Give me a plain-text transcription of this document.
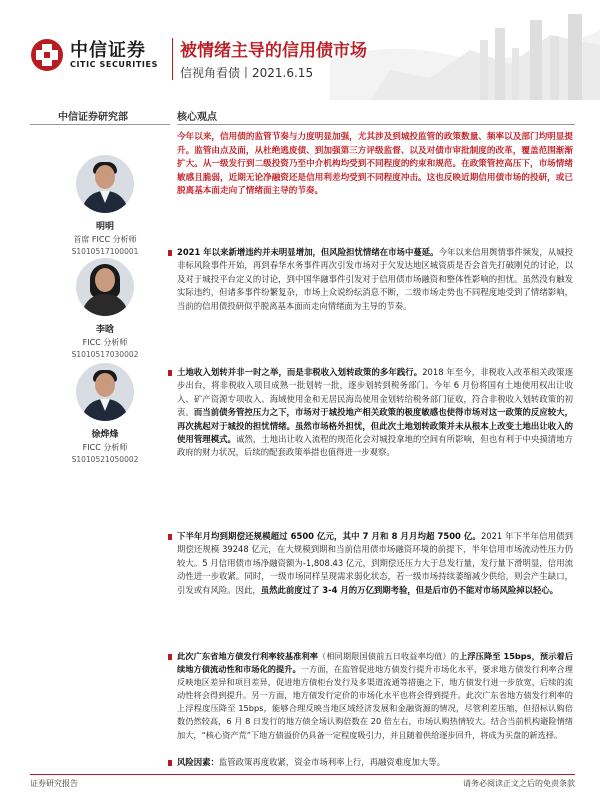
中信证券
CITIC SECURITIES
被情绪主导的信用债市场
信视角看债丨2021.6.15
中信证券研究部	核心观点
明明
首席 FICC 分析师
S1010517100001
李晗
FICC 分析师
S1010517030002
徐烨烽
FICC 分析师
S1010521050002
今年以来，信用债的监管节奏与力度明显加强，尤其涉及到城投监管的政策数量、频率以及部门均明显提升。监管由点及面，从杜绝逃废债、到加强第三方评级监督、以及对债市审批制度的改革，覆盖范围渐渐扩大。从一级发行到二级投资乃至中介机构均受到不同程度的约束和规范。在政策管控高压下，市场情绪敏感且脆弱，近期无论净融资还是信用利差均受到不同程度冲击。这也反映近期信用债市场的投研，或已脱离基本面走向了情绪面主导的节奏。
2021 年以来新增违约并未明显增加，但风险担忧情绪在市场中蔓延。今年以来信用舆情事件频发，从城投非标风险事件开始，再到春华水务事件再次引发市场对于欠发达地区城资质是否会首先打破刚兑的讨论，以及对于城投平台定义的讨论，到中国华融事件引发对于信用债市场融资和整体性影响的担忧。虽然没有触发实际违约，但诸多事件纷繁复杂，市场上众说纷纭消息不断，二级市场走势也不同程度地受到了情绪影响，当前的信用债投研似乎脱离基本面而走向情绪面为主导的节奏。
土地收入划转并非一时之举，而是非税收入划转政策的多年践行。2018 年至今，非税收入改革相关政策逐步出台，将非税收入项目成熟一批划转一批，逐步划转到税务部门。今年 6 月份将国有土地使用权出让收入、矿产资源专项收入、海域使用金和无居民海岛使用金划转给税务部门征收，符合非税收入划转政策的初衷。而当前债务管控压力之下，市场对于城投地产相关政策的极度敏感也使得市场对这一政策的反应较大，再次挑起对于城投的担忧情绪。虽然市场格外担忧，但此次土地划转政策并未从根本上改变土地出让收入的使用管理模式。诚然，土地出让收入流程的规范化会对城投拿地的空间有所影响，但也有利于中央摸清地方政府的财力状况，后续的配套政策举措也值得进一步观察。
下半年月均到期偿还规模超过 6500 亿元，其中 7 月和 8 月月均超 7500 亿。2021 年下半年信用债到期偿还规模 39248 亿元，在大规模到期和当前信用债市场融资环境的前提下，半年信用市场流动性压力仍较大。5 月信用债市场净融资额为-1,808.43 亿元，到期偿还压力大于总发行量，发行量下滑明显，信用流动性进一步收紧。同时，一级市场同样呈现需求弱化状态，若一级市场持续萎缩减少供给，则会产生缺口，引发或有风险。因此，虽然此前度过了 3-4 月的万亿到期考验，但是后市仍不能对市场风险掉以轻心。
此次广东省地方债发行利率较基准利率（相同期限国债前五日收益率均值）的上浮压降至 15bps，预示着后续地方债流动性和市场化的提升。一方面，在监管促进地方债发行提升市场化水平，要求地方债发行利率合理反映地区差异和项目差异，促进地方债柜台发行及多渠道流通等措施之下，地方债发行进一步放宽，后续的流动性将会得到提升。另一方面，地方债发行定价的市场化水平也将会得到提升。此次广东省地方债发行利率的上浮程度压降至 15bps，能够合理反映当地区域经济发展和金融资源的情况，尽管利差压缩，但招标认购倍数仍然较高，6 月 8 日发行的地方债全场认购倍数在 20 倍左右，市场认购热情较大。结合当前机构避险情绪加大，“核心资产荒”下地方债溢价仍具备一定程度吸引力，并且随着供给逐步回升，将成为买盘的新选择。
风险因素：监管政策再度收紧，资金市场利率上行，再融资难度加大等。
证券研究报告	请务必阅读正文之后的免责条款
